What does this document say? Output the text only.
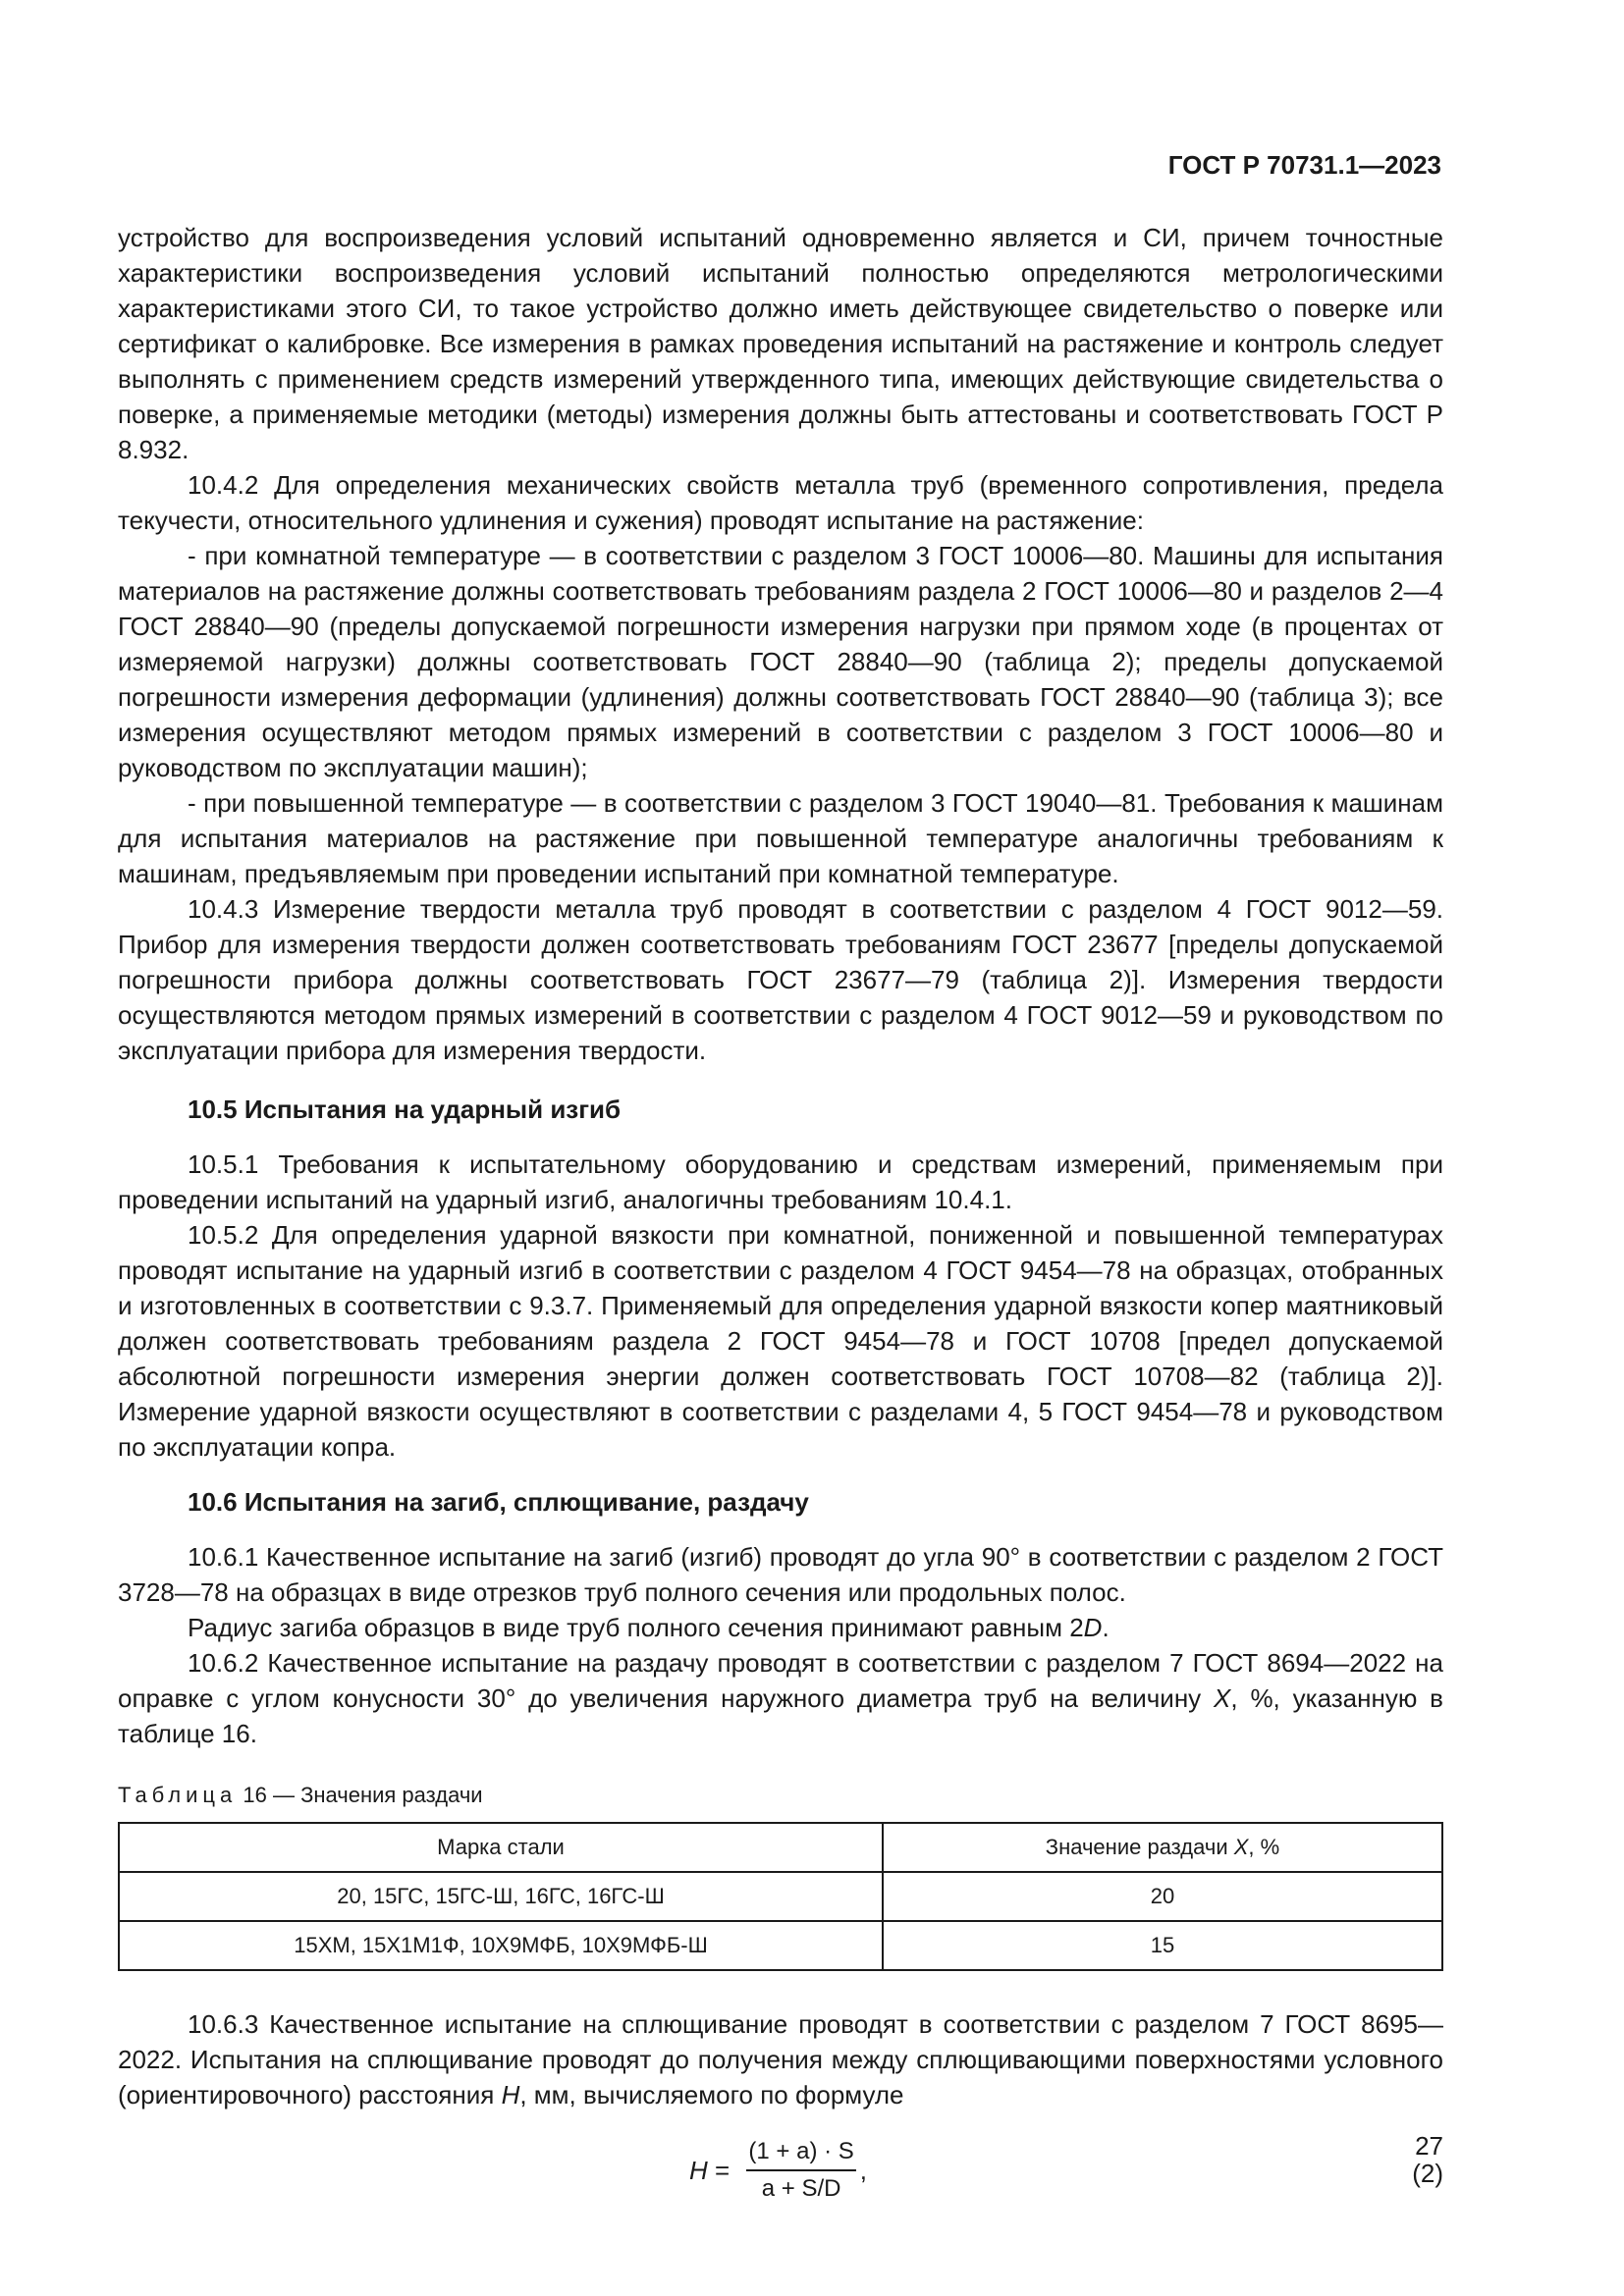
ГОСТ Р 70731.1—2023

устройство для воспроизведения условий испытаний одновременно является и СИ, причем точностные характеристики воспроизведения условий испытаний полностью определяются метрологическими характеристиками этого СИ, то такое устройство должно иметь действующее свидетельство о поверке или сертификат о калибровке. Все измерения в рамках проведения испытаний на растяжение и контроль следует выполнять с применением средств измерений утвержденного типа, имеющих действующие свидетельства о поверке, а применяемые методики (методы) измерения должны быть аттестованы и соответствовать ГОСТ Р 8.932.

10.4.2 Для определения механических свойств металла труб (временного сопротивления, предела текучести, относительного удлинения и сужения) проводят испытание на растяжение:

- при комнатной температуре — в соответствии с разделом 3 ГОСТ 10006—80. Машины для испытания материалов на растяжение должны соответствовать требованиям раздела 2 ГОСТ 10006—80 и разделов 2—4 ГОСТ 28840—90 (пределы допускаемой погрешности измерения нагрузки при прямом ходе (в процентах от измеряемой нагрузки) должны соответствовать ГОСТ 28840—90 (таблица 2); пределы допускаемой погрешности измерения деформации (удлинения) должны соответствовать ГОСТ 28840—90 (таблица 3); все измерения осуществляют методом прямых измерений в соответствии с разделом 3 ГОСТ 10006—80 и руководством по эксплуатации машин);

- при повышенной температуре — в соответствии с разделом 3 ГОСТ 19040—81. Требования к машинам для испытания материалов на растяжение при повышенной температуре аналогичны требованиям к машинам, предъявляемым при проведении испытаний при комнатной температуре.

10.4.3 Измерение твердости металла труб проводят в соответствии с разделом 4 ГОСТ 9012—59. Прибор для измерения твердости должен соответствовать требованиям ГОСТ 23677 [пределы допускаемой погрешности прибора должны соответствовать ГОСТ 23677—79 (таблица 2)]. Измерения твердости осуществляются методом прямых измерений в соответствии с разделом 4 ГОСТ 9012—59 и руководством по эксплуатации прибора для измерения твердости.

10.5 Испытания на ударный изгиб

10.5.1 Требования к испытательному оборудованию и средствам измерений, применяемым при проведении испытаний на ударный изгиб, аналогичны требованиям 10.4.1.

10.5.2 Для определения ударной вязкости при комнатной, пониженной и повышенной температурах проводят испытание на ударный изгиб в соответствии с разделом 4 ГОСТ 9454—78 на образцах, отобранных и изготовленных в соответствии с 9.3.7. Применяемый для определения ударной вязкости копер маятниковый должен соответствовать требованиям раздела 2 ГОСТ 9454—78 и ГОСТ 10708 [предел допускаемой абсолютной погрешности измерения энергии должен соответствовать ГОСТ 10708—82 (таблица 2)]. Измерение ударной вязкости осуществляют в соответствии с разделами 4, 5 ГОСТ 9454—78 и руководством по эксплуатации копра.

10.6 Испытания на загиб, сплющивание, раздачу

10.6.1 Качественное испытание на загиб (изгиб) проводят до угла 90° в соответствии с разделом 2 ГОСТ 3728—78 на образцах в виде отрезков труб полного сечения или продольных полос.

Радиус загиба образцов в виде труб полного сечения принимают равным 2D.

10.6.2 Качественное испытание на раздачу проводят в соответствии с разделом 7 ГОСТ 8694—2022 на оправке с углом конусности 30° до увеличения наружного диаметра труб на величину X, %, указанную в таблице 16.

Таблица 16 — Значения раздачи
Марка стали	Значение раздачи X, %
20, 15ГС, 15ГС-Ш, 16ГС, 16ГС-Ш	20
15ХМ, 15Х1М1Ф, 10Х9МФБ, 10Х9МФБ-Ш	15

10.6.3 Качественное испытание на сплющивание проводят в соответствии с разделом 7 ГОСТ 8695—2022. Испытания на сплющивание проводят до получения между сплющивающими поверхностями условного (ориентировочного) расстояния H, мм, вычисляемого по формуле

$H = \frac{(1 + a) \cdot S}{a + S/D}$ ,	(2)
27
